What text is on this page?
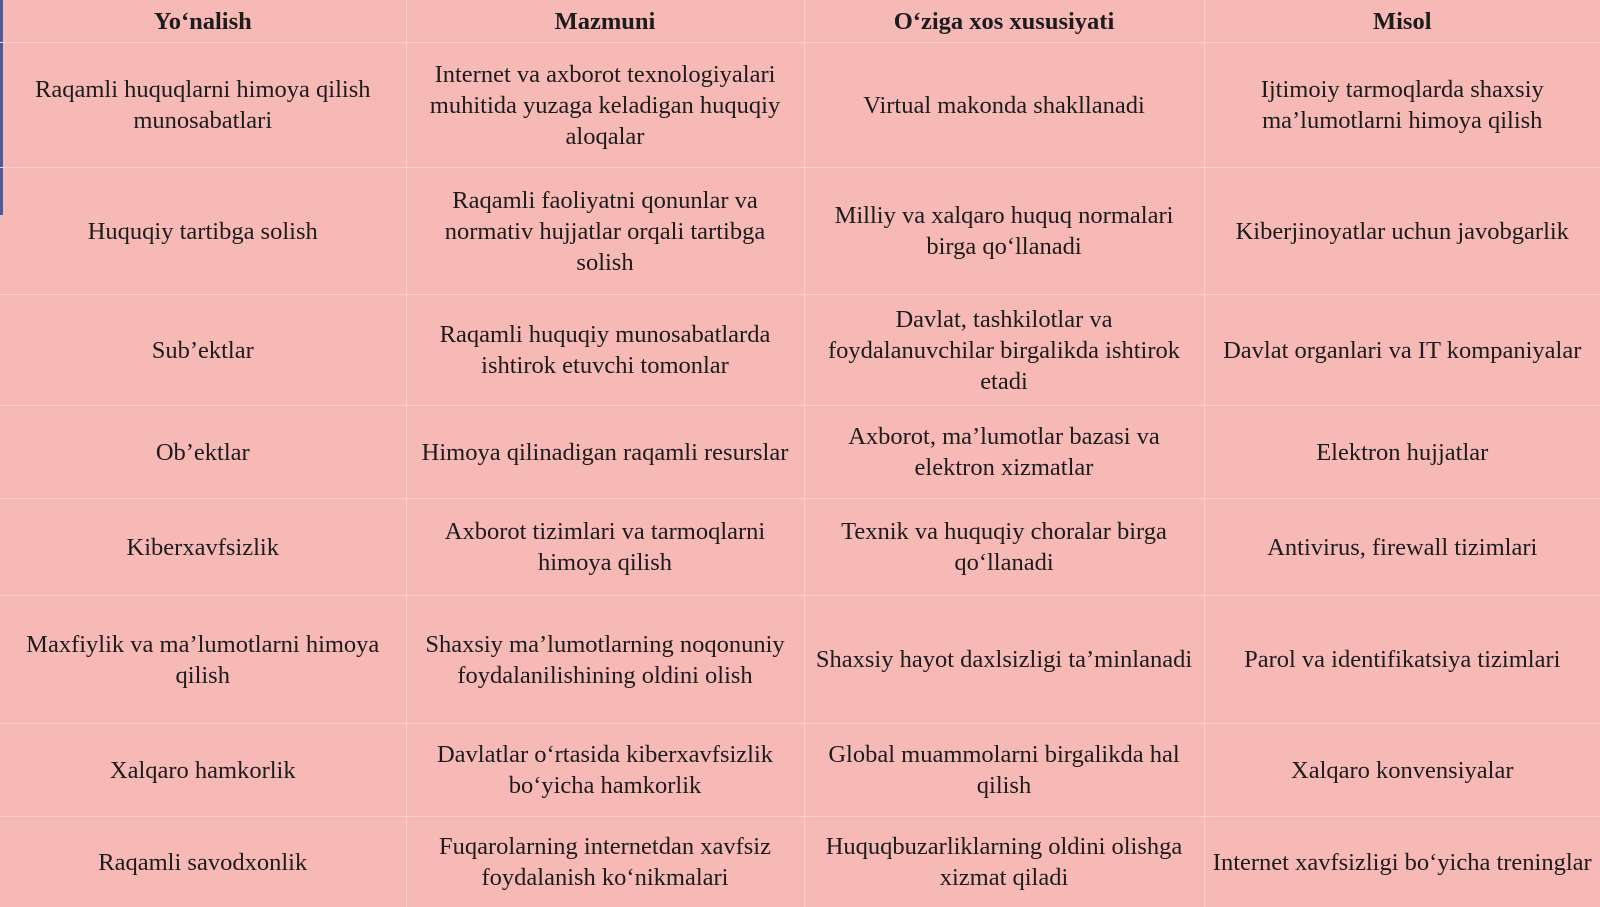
Yo‘nalish	Mazmuni	O‘ziga xos xususiyati	Misol
Raqamli huquqlarni himoya qilish munosabatlari	Internet va axborot texnologiyalari muhitida yuzaga keladigan huquqiy aloqalar	Virtual makonda shakllanadi	Ijtimoiy tarmoqlarda shaxsiy ma’lumotlarni himoya qilish
Huquqiy tartibga solish	Raqamli faoliyatni qonunlar va normativ hujjatlar orqali tartibga solish	Milliy va xalqaro huquq normalari birga qo‘llanadi	Kiberjinoyatlar uchun javobgarlik
Sub’ektlar	Raqamli huquqiy munosabatlarda ishtirok etuvchi tomonlar	Davlat, tashkilotlar va foydalanuvchilar birgalikda ishtirok etadi	Davlat organlari va IT kompaniyalar
Ob’ektlar	Himoya qilinadigan raqamli resurslar	Axborot, ma’lumotlar bazasi va elektron xizmatlar	Elektron hujjatlar
Kiberxavfsizlik	Axborot tizimlari va tarmoqlarni himoya qilish	Texnik va huquqiy choralar birga qo‘llanadi	Antivirus, firewall tizimlari
Maxfiylik va ma’lumotlarni himoya qilish	Shaxsiy ma’lumotlarning noqonuniy foydalanilishining oldini olish	Shaxsiy hayot daxlsizligi ta’minlanadi	Parol va identifikatsiya tizimlari
Xalqaro hamkorlik	Davlatlar o‘rtasida kiberxavfsizlik bo‘yicha hamkorlik	Global muammolarni birgalikda hal qilish	Xalqaro konvensiyalar
Raqamli savodxonlik	Fuqarolarning internetdan xavfsiz foydalanish ko‘nikmalari	Huquqbuzarliklarning oldini olishga xizmat qiladi	Internet xavfsizligi bo‘yicha treninglar
